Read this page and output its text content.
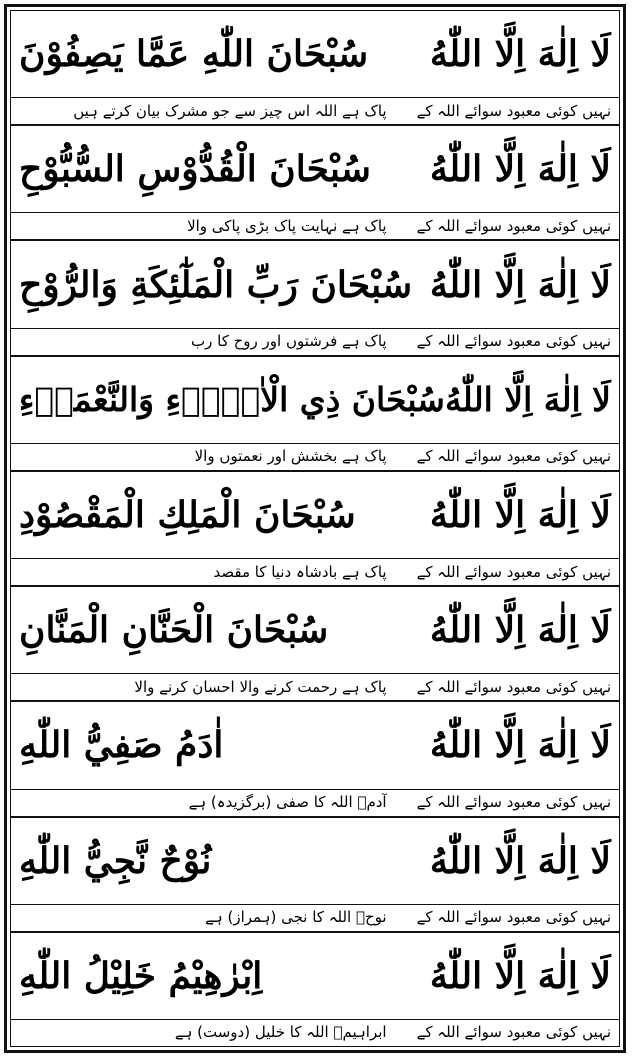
لَا اِلٰهَ اِلَّا اللّٰهُ
سُبْحَانَ اللّٰهِ عَمَّا يَصِفُوْنَ
نہیں کوئی معبود سوائے اللہ کے
پاک ہے اللہ اس چیز سے جو مشرک بیان کرتے ہیں
لَا اِلٰهَ اِلَّا اللّٰهُ
سُبْحَانَ الْقُدُّوْسِ السُّبُّوْحِ
نہیں کوئی معبود سوائے اللہ کے
پاک ہے نہایت پاک بڑی پاکی والا
لَا اِلٰهَ اِلَّا اللّٰهُ
سُبْحَانَ رَبِّ الْمَلٰٓئِكَةِ وَالرُّوْحِ
نہیں کوئی معبود سوائے اللہ کے
پاک ہے فرشتوں اور روح کا رب
لَا اِلٰهَ اِلَّا اللّٰهُ
سُبْحَانَ ذِي الْاٰلَاۗءِ وَالنَّعْمَاۗءِ
نہیں کوئی معبود سوائے اللہ کے
پاک ہے بخشش اور نعمتوں والا
لَا اِلٰهَ اِلَّا اللّٰهُ
سُبْحَانَ الْمَلِكِ الْمَقْصُوْدِ
نہیں کوئی معبود سوائے اللہ کے
پاک ہے بادشاہ دنیا کا مقصد
لَا اِلٰهَ اِلَّا اللّٰهُ
سُبْحَانَ الْحَنَّانِ الْمَنَّانِ
نہیں کوئی معبود سوائے اللہ کے
پاک ہے رحمت کرنے والا احسان کرنے والا
لَا اِلٰهَ اِلَّا اللّٰهُ
اٰدَمُ صَفِيُّ اللّٰهِ
نہیں کوئی معبود سوائے اللہ کے
آدمؑ اللہ کا صفی (برگزیدہ) ہے
لَا اِلٰهَ اِلَّا اللّٰهُ
نُوْحٌ نَّجِيُّ اللّٰهِ
نہیں کوئی معبود سوائے اللہ کے
نوحؑ اللہ کا نجی (ہمراز) ہے
لَا اِلٰهَ اِلَّا اللّٰهُ
اِبْرٰهِيْمُ خَلِيْلُ اللّٰهِ
نہیں کوئی معبود سوائے اللہ کے
ابراہیمؑ اللہ کا خلیل (دوست) ہے
